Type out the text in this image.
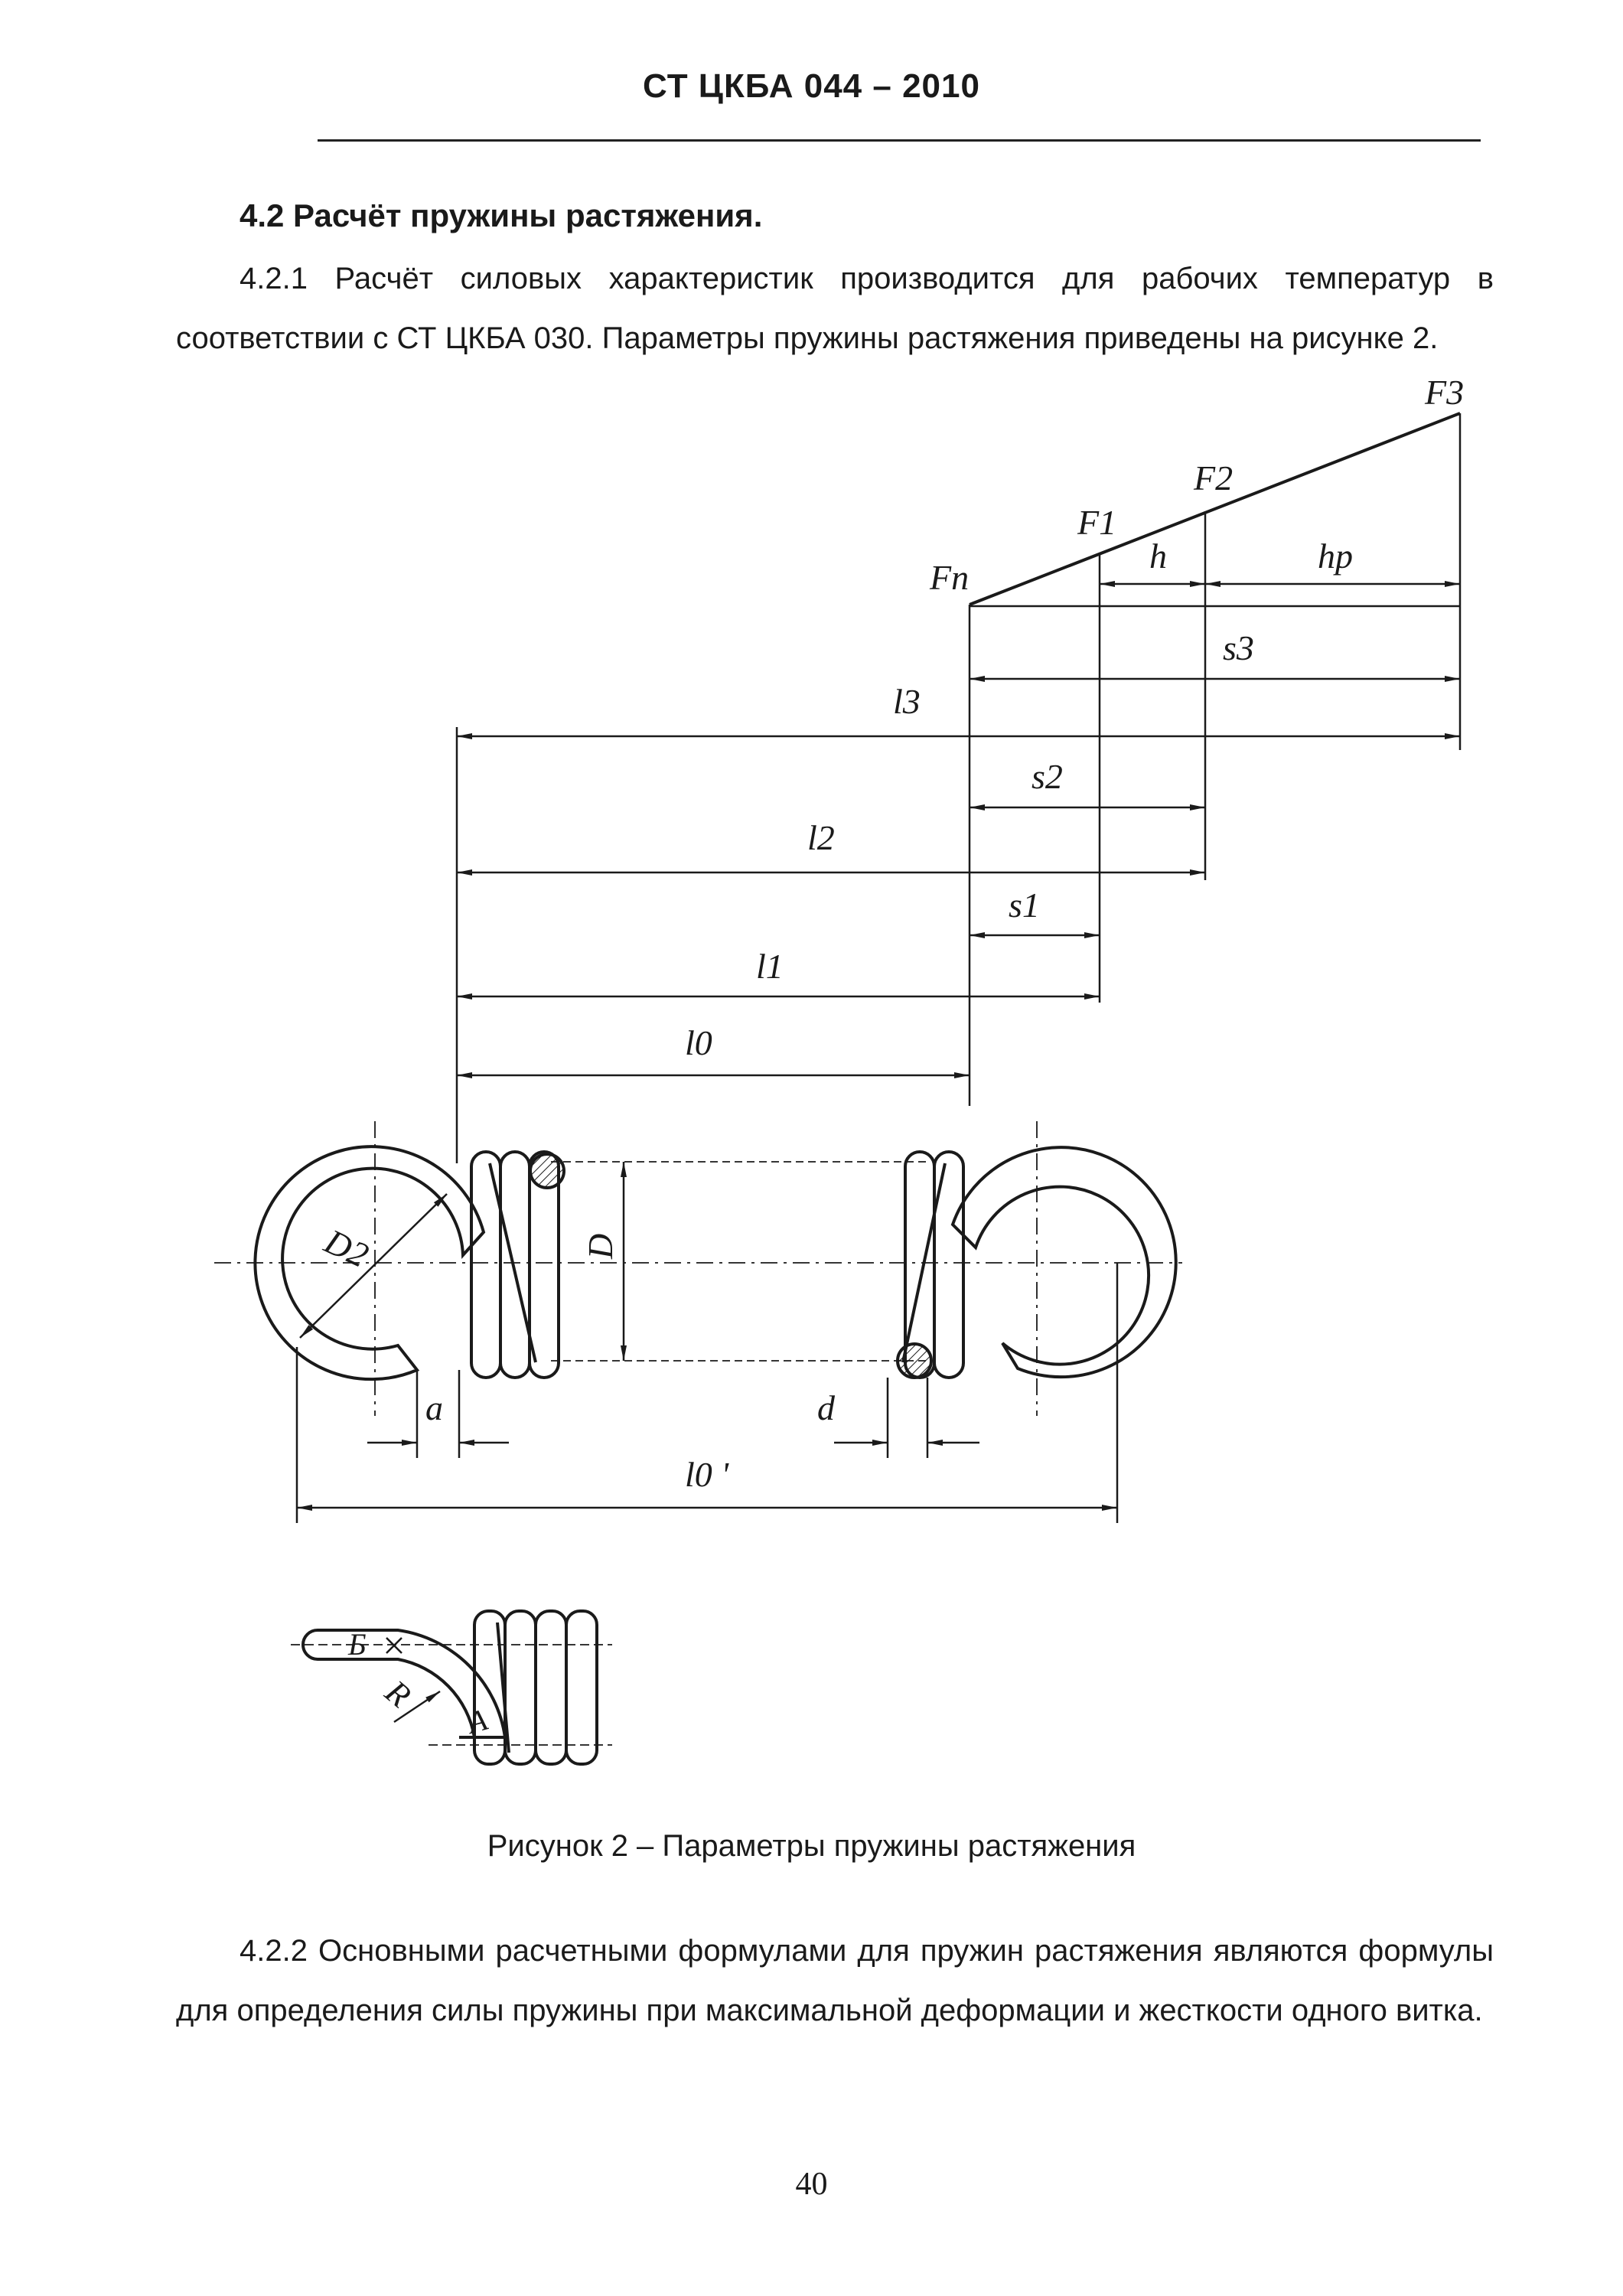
СТ ЦКБА 044 – 2010
4.2 Расчёт пружины растяжения.
4.2.1 Расчёт силовых характеристик производится для рабочих температур в соответствии с СТ ЦКБА 030. Параметры пружины растяжения приведены на рисунке 2.
F3
F2
F1
Fп
h	hp
s3
l3
s2
l2
s1
l1
l0
D2	D
a	d
l0 '
Б
R
A
Рисунок 2 – Параметры пружины растяжения
4.2.2 Основными расчетными формулами для пружин растяжения являются формулы для определения силы пружины при максимальной деформации и жесткости одного витка.
40
